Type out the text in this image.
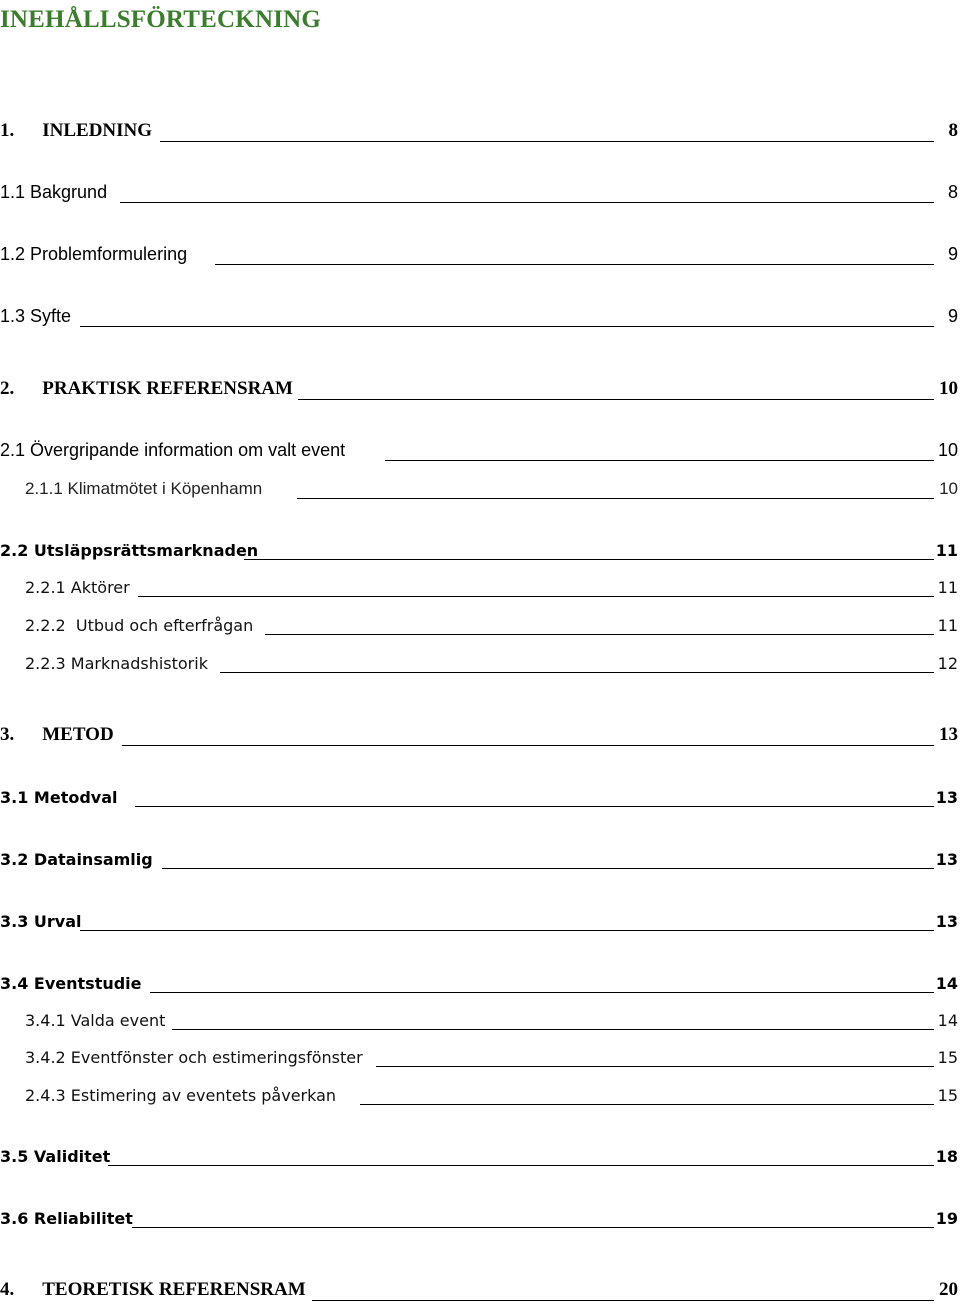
INEHÅLLSFÖRTECKNING
1. INLEDNING	8
1.1 Bakgrund	8
1.2 Problemformulering	9
1.3 Syfte	9
2. PRAKTISK REFERENSRAM	10
2.1 Övergripande information om valt event	10
2.1.1 Klimatmötet i Köpenhamn	10
2.2 Utsläppsrättsmarknaden	11
2.2.1 Aktörer	11
2.2.2  Utbud och efterfrågan	11
2.2.3 Marknadshistorik	12
3. METOD	13
3.1 Metodval	13
3.2 Datainsamlig	13
3.3 Urval	13
3.4 Eventstudie	14
3.4.1 Valda event	14
3.4.2 Eventfönster och estimeringsfönster	15
2.4.3 Estimering av eventets påverkan	15
3.5 Validitet	18
3.6 Reliabilitet	19
4. TEORETISK REFERENSRAM	20
